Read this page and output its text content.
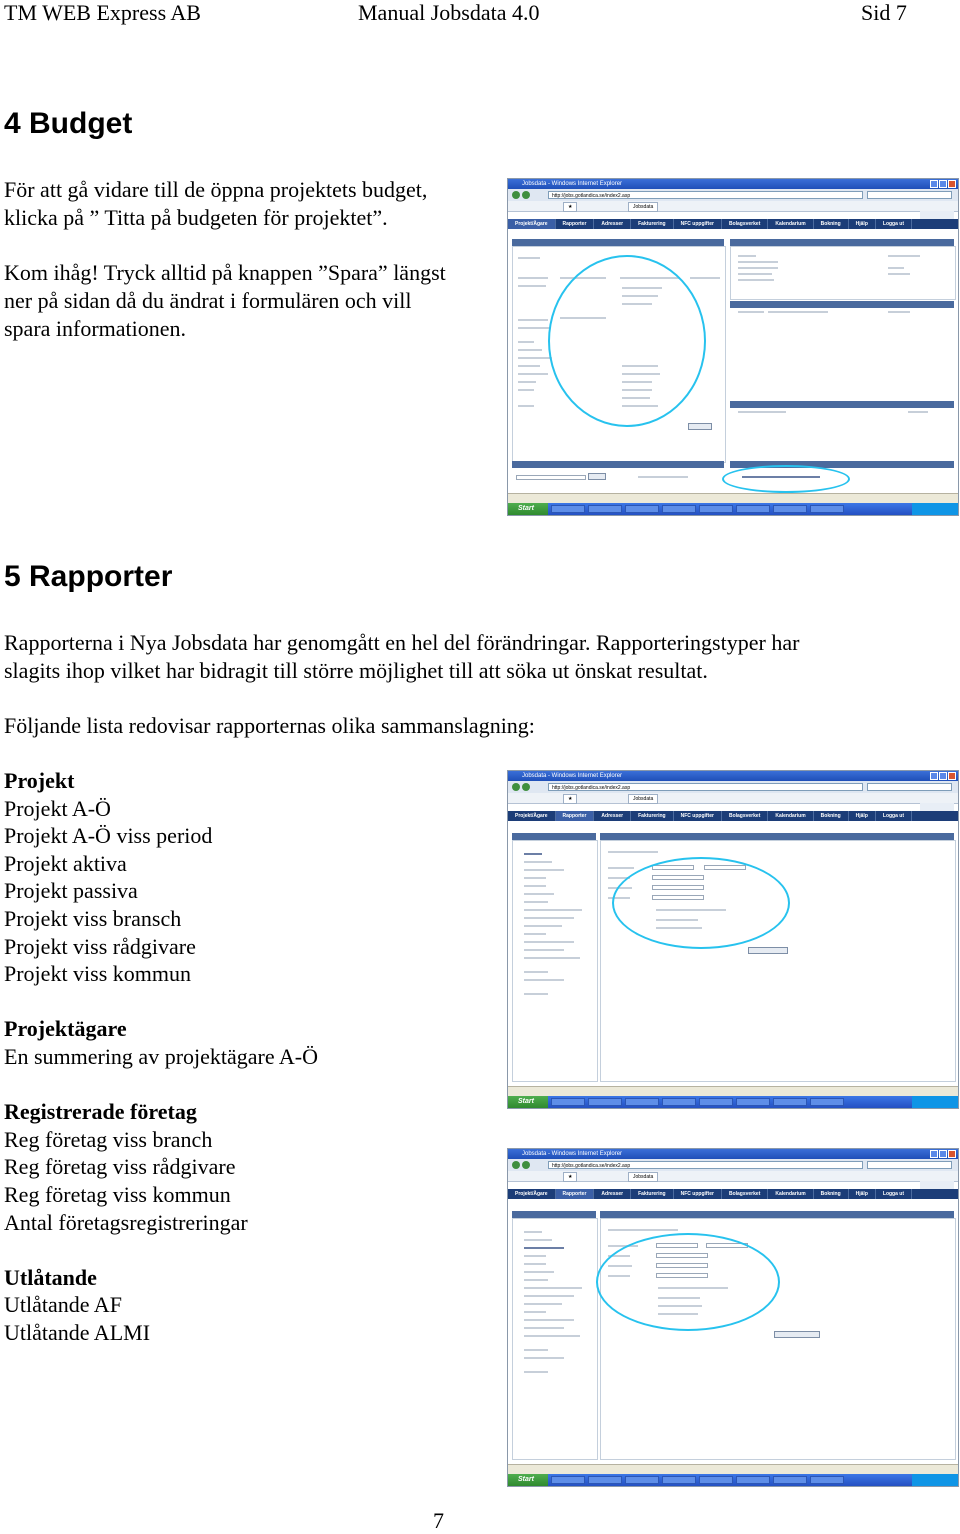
TM WEB Express AB	Manual Jobsdata 4.0	Sid 7
4 Budget

För att gå vidare till de öppna projektets budget,
klicka på ” Titta på budgeten för projektet”.

Kom ihåg! Tryck alltid på knappen ”Spara” längst
ner på sidan då du ändrat i formulären och vill
spara informationen.

Jobsdata - Windows Internet Explorer
http://jobs.gotlandica.se/index2.asp
★	Jobsdata
Projekt/Ägare	Rapporter	Adresser	Fakturering	NFC uppgifter	Bolagsverket	Kalendarium	Bokning	Hjälp	Logga ut
Start
5 Rapporter

Rapporterna i Nya Jobsdata har genomgått en hel del förändringar. Rapporteringstyper har
slagits ihop vilket har bidragit till större möjlighet till att söka ut önskat resultat.

Följande lista redovisar rapporternas olika sammanslagning:

Projekt
Projekt A-Ö
Projekt A-Ö viss period
Projekt aktiva
Projekt passiva
Projekt viss bransch
Projekt viss rådgivare
Projekt viss kommun
Projektägare
En summering av projektägare A-Ö
Registrerade företag
Reg företag viss branch
Reg företag viss rådgivare
Reg företag viss kommun
Antal företagsregistreringar
Utlåtande
Utlåtande AF
Utlåtande ALMI
Jobsdata - Windows Internet Explorer
http://jobs.gotlandica.se/index2.asp
★	Jobsdata
Projekt/Ägare	Rapporter	Adresser	Fakturering	NFC uppgifter	Bolagsverket	Kalendarium	Bokning	Hjälp	Logga ut
Start
Jobsdata - Windows Internet Explorer
http://jobs.gotlandica.se/index2.asp
★	Jobsdata
Projekt/Ägare	Rapporter	Adresser	Fakturering	NFC uppgifter	Bolagsverket	Kalendarium	Bokning	Hjälp	Logga ut
Start
7
